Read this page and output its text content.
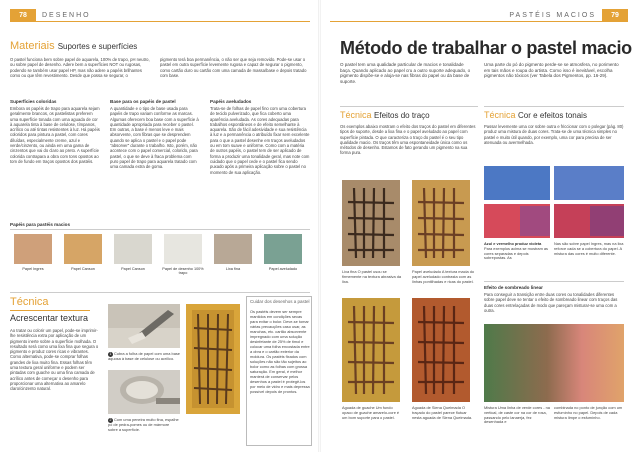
78	DESENHO
Materiais Suportes e superfícies
O pastel funciona bem sobre papel de aquarela, 100% de trapo, pH neutro, ou sobre papel de desenho. Adere bem a superfícies NOT ou rugosas, podendo se também usar papel HP, mas não adere a papéis brilhantes como ou que têm revestimento. Desde que possa se segurar, o
pigmento terá boa permanência, o não ser que seja removido. Pode-se usar o pastel em outra superfície levemente rugosa e capaz de segurar o pigmento, como cartão duro ou cartão com uma camada de massa/base e depois tratado com base.
Superfícies coloridas
Embora os papéis de trapo para aquarela sejam geralmente brancos, os pastelistas preferem uma superfície tonada com uma aguada de cor à aquarela tinta à base de celulose, tímpanos, acrílico ou até tintas resistentes à luz. Há papéis coloridos para pintura a pastel, com cores diluídas, especialmente creme, azul e verde/cinzento, ou ainda em uma gama de cinzentos que vai do claro ao preto. A superfície colorida contrapara a obra com tons opostos ao tom de fundo em traços opostos dos pastéis.
Base para os papéis de pastel
A quantidade e o tipo de base usada para papéis de trapo variam conforme as marcas. Algumas oferecem boa base com a superfície à quantidade apropriada para receber o pastel. Em outras, a base é menos leve e mais absorvente, com fibras que se desprendem quando se aplica o pastel e o papel pode "absorver" durante o trabalho. Isto, porém, não acontece com o papel comercial, colorido, para pastel, o que se deve à fraca problema com puro papel de trapo para aquarela tratado com uma camada extra de goma.
Papéis aveludados
Trata-se de folhas de papel fino com uma cobertura de tecido pulverizado, que fica coberto uma aparência aveludada. As cores adequadas para trabalhos espontâneos e de efeito semelhante à aquarela. São de fácil adesividade e sua resistência à luz e a permanência o atribuído fixar sem excelente para o que a pastel desenhe em traços aveludados ou em tom suave e uniforme. Como com a matéria de outros papéis, o pastel tem de ser aplicado de forma a produzir uma tonalidade geral, mas note com cuidado que o papel cede e o pastel fica sendo puxado após a primeira aplicação sobre o pastel no momento de sua aplicação.
Papéis para pastéis macios
Papel Ingres	Papel Canson	Papel Canson	Papel de desenho 100% trapo
Lixa fina	Papel aveludado
Técnica
Acrescentar textura
Ao tratar ou colorir um papel, pode-se imprimir-lhe resistência extra por aplicação de um pigmento inerte sobre a superfície molhada. O resultado será como uma lixa fina que segura o pigmento e produz cores ricas e vibrantes. Como alternativa, pode-se comprar folhas grandes de lixa muito fina. Essas folhas têm uma textura geral uniforme e podem ser pintadas com guache ou uma fina camada de acrílico antes de começar o desenho para proporcionar uma alternativa ao amarelo claro/cinzento natural.
1 Cubra a folha de papel com uma base aquosa à base de celulose ou acrílico.
2 Com uma peneira muito fina, espalhe pó de pedra-pomes ou de mármore sobre a superfície.
Cuidar dos desenhos a pastel
Os pastéis devem ser sempre mantidos em condições secas para evitar o bolor. Deve-se tomar várias precauções caso usar, as manchas, etc. cartão absorvente impregnado com uma solução desinfetante de 25% de timol e colocar uma folha encostada entre a obra e o cartão exterior da moldura. Os pastéis fixados com soluções não são tão sujeitos ao bolor como as folhas com grossa saturação. Em geral, é melhor manterá de conservar pelos desenhos a pastel é protegê-los por meio de vidro e mais depressa possível depois de prontos.
PASTÉIS MACIOS	79
Método de trabalhar o pastel macio
O pastel tem uma qualidade particular de macios e tonalidade baça. Quando aplicado ao papel cru a outro suporte adequado, o pigmento dispõe-se e aloja-se nas fibras do papel ou da base de suporte.
Uma parte do pó do pigmento perde-se se atmosfera, no porimento em tais mãos e roupa do artista. Como isso é inevitável, escolha pigmentos não tóxicos (ver Tabela dos Pigmentos, pp. 16-29).
Técnica Efeitos do traço
Os exemplos abaixo mostram o efeito dos traços do pastel em diferentes tipos de suporte, desde a lixa fina e o papel aveludado ao papel com superfície pintada. O que caracteriza o traço do pastel é o seu tipo qualidade macio. Os traços têm uma espontaneidade única como os métodos de desenho. Estamos de fato gerando um pigmento na sua forma pura.
Técnica Cor e efeitos tonais
Passar levemente uma cor sobre outra e friccionar com o polegar (pág. 80) produz uma mistura de duas cores. Trata-se de uma técnica simples no pastel e muito útil quando, por exemplo, uma cor para precisa de ser atenuada ou avermelhada.
Lixa fina O pastel usou se firmemente na textura abrasiva da lixa.
Papel aveludado A textura macia do papel aveludado contrasta com as linhas pontilhadas e ricas do pastel.
Azul e vermelho produz violeta Para exemplos acima se mostram as cores separadas e depois sobrepostas. As
Nas são sobre papel Ingres, mas na lixa reforce cada se a cobertura do papel. A mistura das cores é muito diferente.
Efeito de sombreado linear
Para conseguir a transição entre duas cores ou tonalidades diferentes sobre papel deve se tentar o efeito de sombreado linear com traços das duas cores entrelaçadas de modo que pareçam misturar-se uma com a outra.
Aguada de guache Um fundo opaco de guache amarelo-ocre é um bom suporte para o pastel.
Aguada de Siena Queimada O traçado do pastel parece flutuar nesta aguada de Siena Queimada.
Mistura Uma linha de verde cores - na vertical, de caste cor na cor de rosa, passando pelo lanaerja, fez desenhada e
combinada no ponto de junção com um esfumínho no papel. Depois de cada mistura limpe o esfumínho.
